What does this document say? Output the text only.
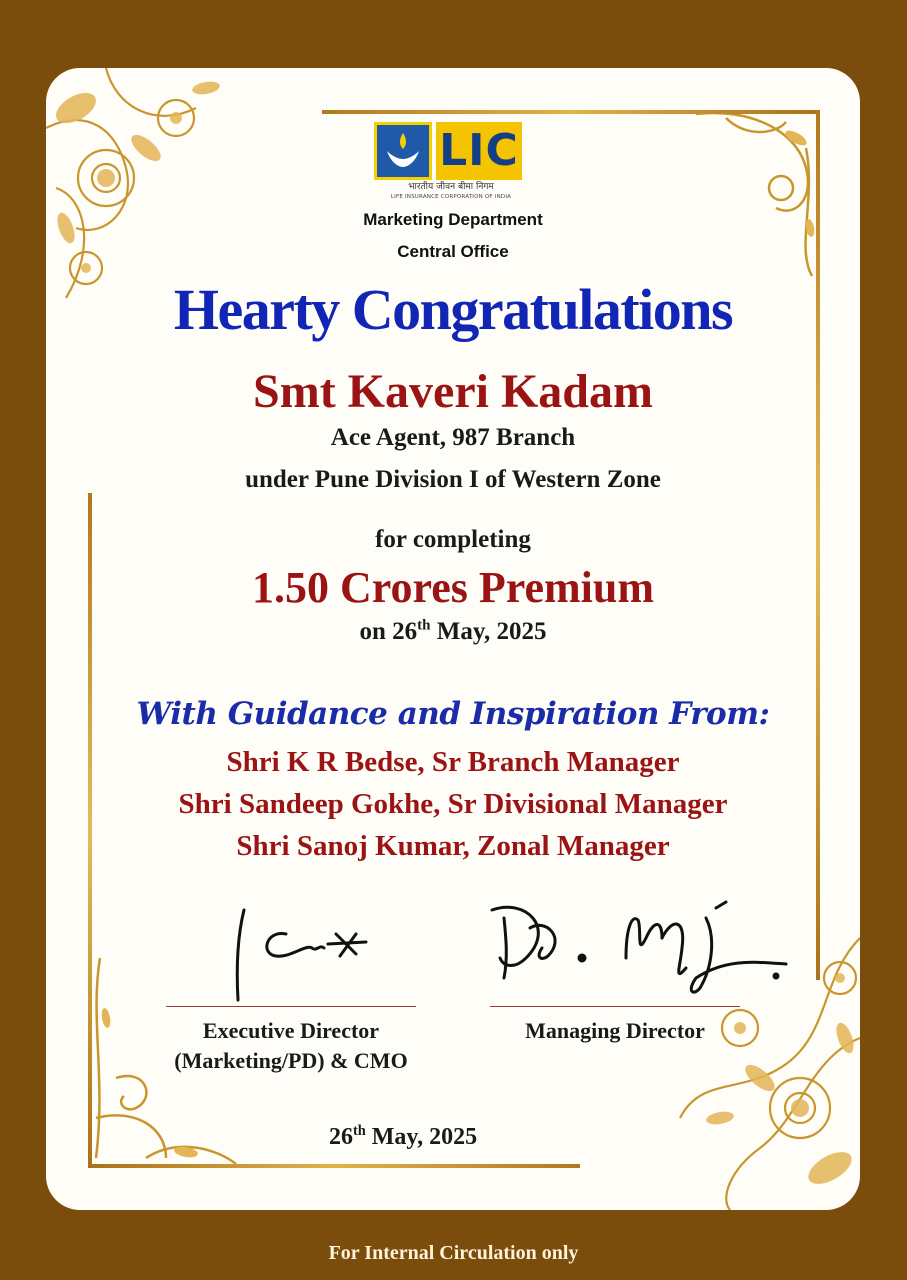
LIC
भारतीय जीवन बीमा निगम
LIFE INSURANCE CORPORATION OF INDIA
Marketing Department
Central Office
Hearty Congratulations
Smt Kaveri Kadam
Ace Agent, 987 Branch
under Pune Division I of Western Zone
for completing
1.50 Crores Premium
on 26th May, 2025
With Guidance and Inspiration From:
Shri K R Bedse, Sr Branch Manager
Shri Sandeep Gokhe, Sr Divisional Manager
Shri Sanoj Kumar, Zonal Manager
Executive Director
(Marketing/PD) & CMO
Managing Director
26th May, 2025
For Internal Circulation only
